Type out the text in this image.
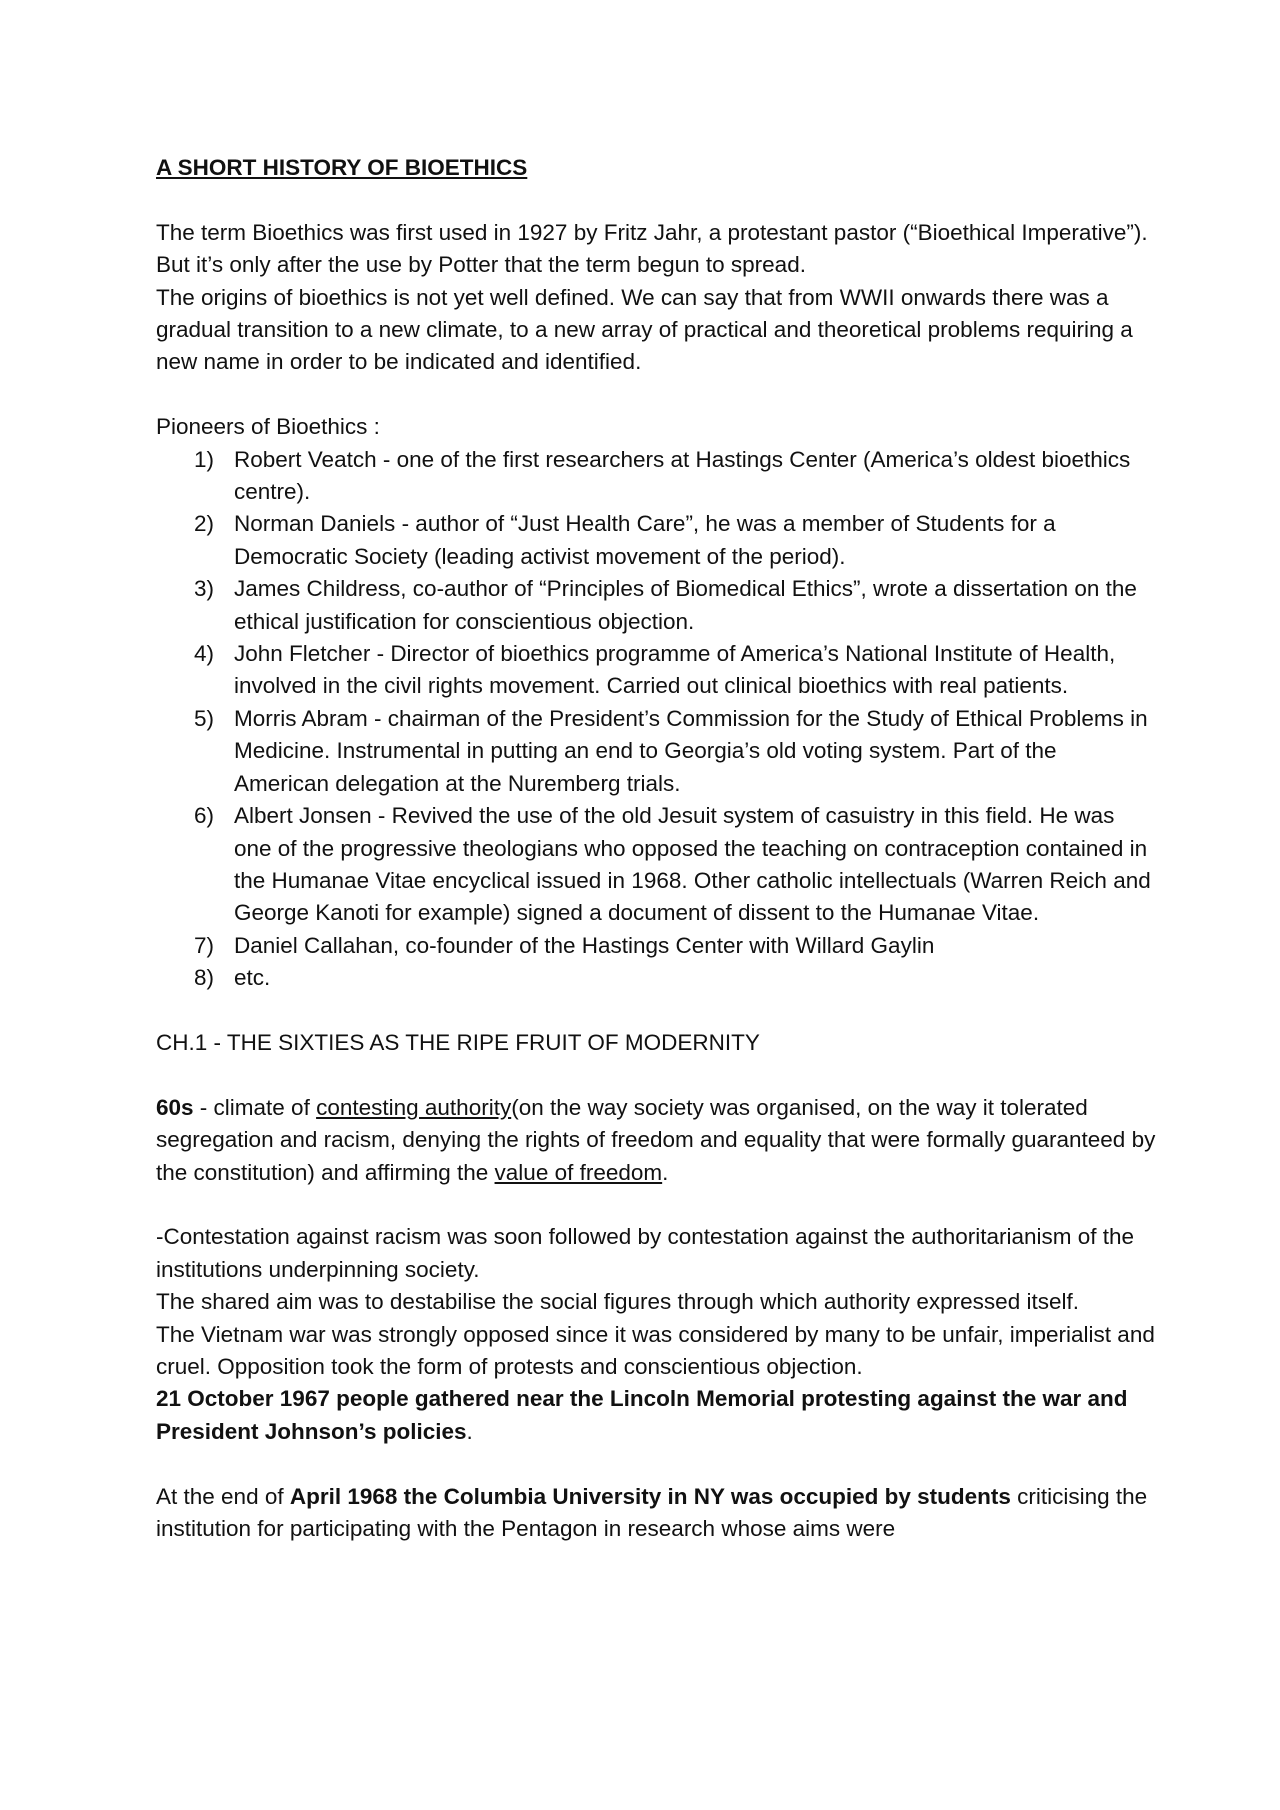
A SHORT HISTORY OF BIOETHICS

The term Bioethics was first used in 1927 by Fritz Jahr, a protestant pastor (“Bioethical Imperative”).

But it’s only after the use by Potter that the term begun to spread.

The origins of bioethics is not yet well defined. We can say that from WWII onwards there was a gradual transition to a new climate, to a new array of practical and theoretical problems requiring a new name in order to be indicated and identified.

Pioneers of Bioethics :

1) Robert Veatch - one of the first researchers at Hastings Center (America’s oldest bioethics centre).
2) Norman Daniels - author of “Just Health Care”, he was a member of Students for a Democratic Society (leading activist movement of the period).
3) James Childress, co-author of “Principles of Biomedical Ethics”, wrote a dissertation on the ethical justification for conscientious objection.
4) John Fletcher - Director of bioethics programme of America’s National Institute of Health, involved in the civil rights movement. Carried out clinical bioethics with real patients.
5) Morris Abram - chairman of the President’s Commission for the Study of Ethical Problems in Medicine. Instrumental in putting an end to Georgia’s old voting system. Part of the American delegation at the Nuremberg trials.
6) Albert Jonsen - Revived the use of the old Jesuit system of casuistry in this field. He was one of the progressive theologians who opposed the teaching on contraception contained in the Humanae Vitae encyclical issued in 1968. Other catholic intellectuals (Warren Reich and George Kanoti for example) signed a document of dissent to the Humanae Vitae.
7) Daniel Callahan, co-founder of the Hastings Center with Willard Gaylin
8) etc.

CH.1 - THE SIXTIES AS THE RIPE FRUIT OF MODERNITY

60s - climate of contesting authority(on the way society was organised, on the way it tolerated segregation and racism, denying the rights of freedom and equality that were formally guaranteed by the constitution) and affirming the value of freedom.

-Contestation against racism was soon followed by contestation against the authoritarianism of the institutions underpinning society.

The shared aim was to destabilise the social figures through which authority expressed itself.

The Vietnam war was strongly opposed since it was considered by many to be unfair, imperialist and cruel. Opposition took the form of protests and conscientious objection.

21 October 1967 people gathered near the Lincoln Memorial protesting against the war and President Johnson’s policies.

At the end of April 1968 the Columbia University in NY was occupied by students criticising the institution for participating with the Pentagon in research whose aims were
